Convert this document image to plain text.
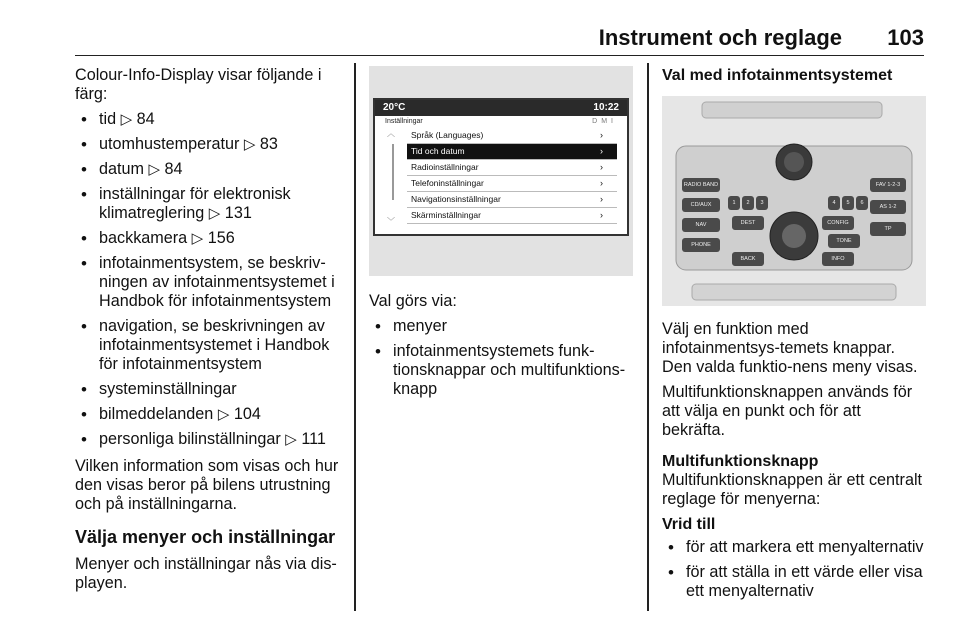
Instrument och reglage 103

Colour-Info-Display visar följande i färg:

• tid ▷ 84
• utomhustemperatur ▷ 83
• datum ▷ 84
• inställningar för elektronisk klimatreglering ▷ 131
• backkamera ▷ 156
• infotainmentsystem, se beskriv-ningen av infotainmentsystemet i Handbok för infotainmentsystem
• navigation, se beskrivningen av infotainmentsystemet i Handbok för infotainmentsystem
• systeminställningar
• bilmeddelanden ▷ 104
• personliga bilinställningar ▷ 111

Vilken information som visas och hur den visas beror på bilens utrustning och på inställningarna.

Välja menyer och inställningar

Menyer och inställningar nås via dis-playen.

20°C	10:22
Inställningar	DMI
︿
﹀
Språk (Languages)	›
Tid och datum	›
Radioinställningar	›
Telefoninställningar	›
Navigationsinställningar	›
Skärminställningar	›

Val görs via:

• menyer
• infotainmentsystemets funk-tionsknappar och multifunktions-knapp
Val med infotainmentsystemet
RADIO BAND
CD/AUX
NAV
PHONE
FAV 1-2-3
AS 1-2
TP
1	2	3	4	5	6
DEST	CONFIG
TONE
BACK	INFO

Välj en funktion med infotainmentsys-temets knappar. Den valda funktio-nens meny visas.

Multifunktionsknappen används för att välja en punkt och för att bekräfta.

Multifunktionsknapp

Multifunktionsknappen är ett centralt reglage för menyerna:

Vrid till
• för att markera ett menyalternativ
• för att ställa in ett värde eller visa ett menyalternativ
